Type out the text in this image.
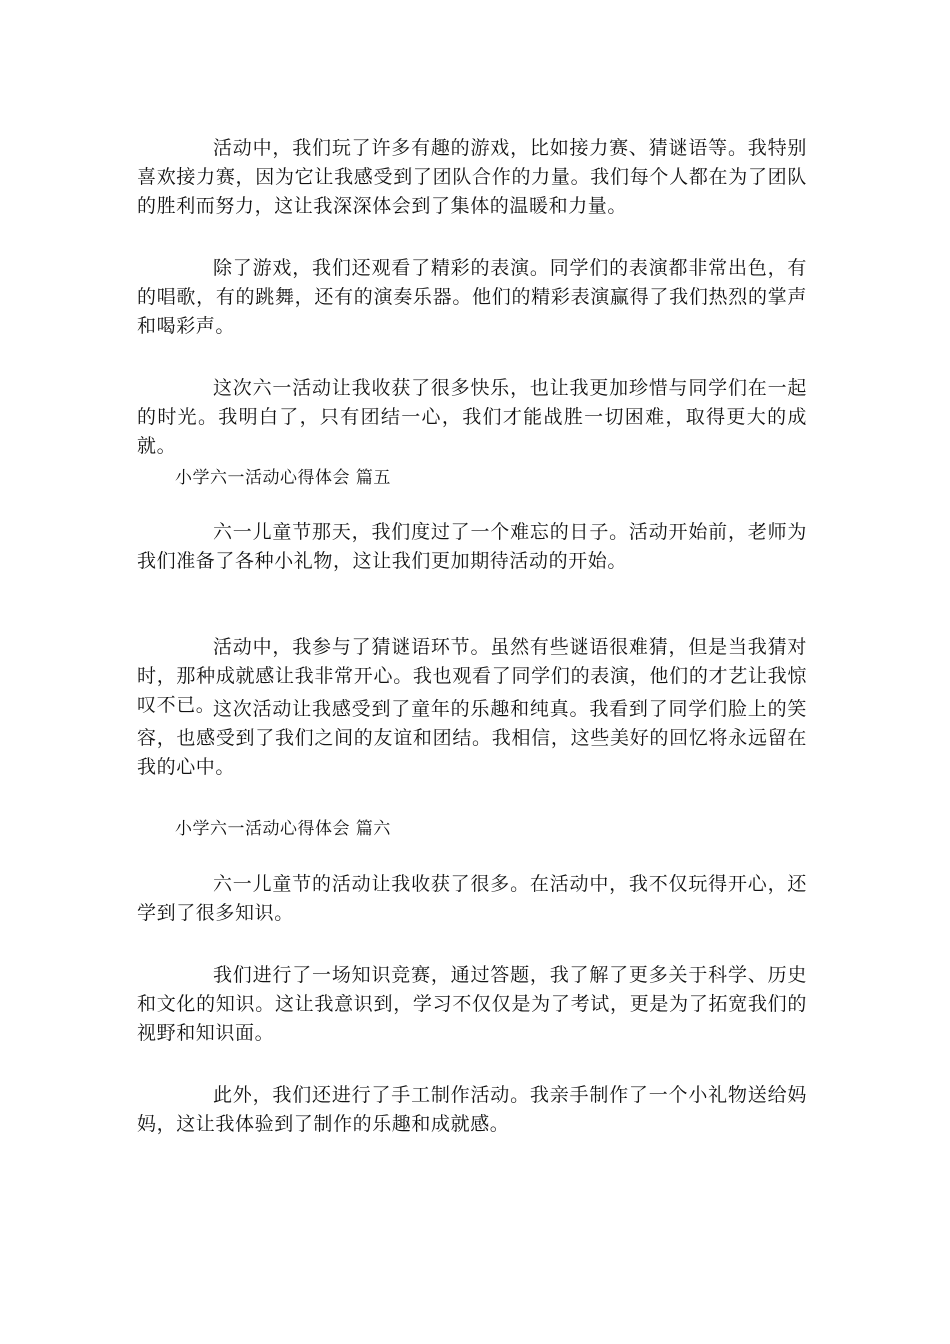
活动中，我们玩了许多有趣的游戏，比如接力赛、猜谜语等。我特别喜欢接力赛，因为它让我感受到了团队合作的力量。我们每个人都在为了团队的胜利而努力，这让我深深体会到了集体的温暖和力量。

除了游戏，我们还观看了精彩的表演。同学们的表演都非常出色，有的唱歌，有的跳舞，还有的演奏乐器。他们的精彩表演赢得了我们热烈的掌声和喝彩声。

这次六一活动让我收获了很多快乐，也让我更加珍惜与同学们在一起的时光。我明白了，只有团结一心，我们才能战胜一切困难，取得更大的成就。

小学六一活动心得体会 篇五

六一儿童节那天，我们度过了一个难忘的日子。活动开始前，老师为我们准备了各种小礼物，这让我们更加期待活动的开始。

活动中，我参与了猜谜语环节。虽然有些谜语很难猜，但是当我猜对时，那种成就感让我非常开心。我也观看了同学们的表演，他们的才艺让我惊叹不已。

这次活动让我感受到了童年的乐趣和纯真。我看到了同学们脸上的笑容，也感受到了我们之间的友谊和团结。我相信，这些美好的回忆将永远留在我的心中。

小学六一活动心得体会 篇六

六一儿童节的活动让我收获了很多。在活动中，我不仅玩得开心，还学到了很多知识。

我们进行了一场知识竞赛，通过答题，我了解了更多关于科学、历史和文化的知识。这让我意识到，学习不仅仅是为了考试，更是为了拓宽我们的视野和知识面。

此外，我们还进行了手工制作活动。我亲手制作了一个小礼物送给妈妈，这让我体验到了制作的乐趣和成就感。
